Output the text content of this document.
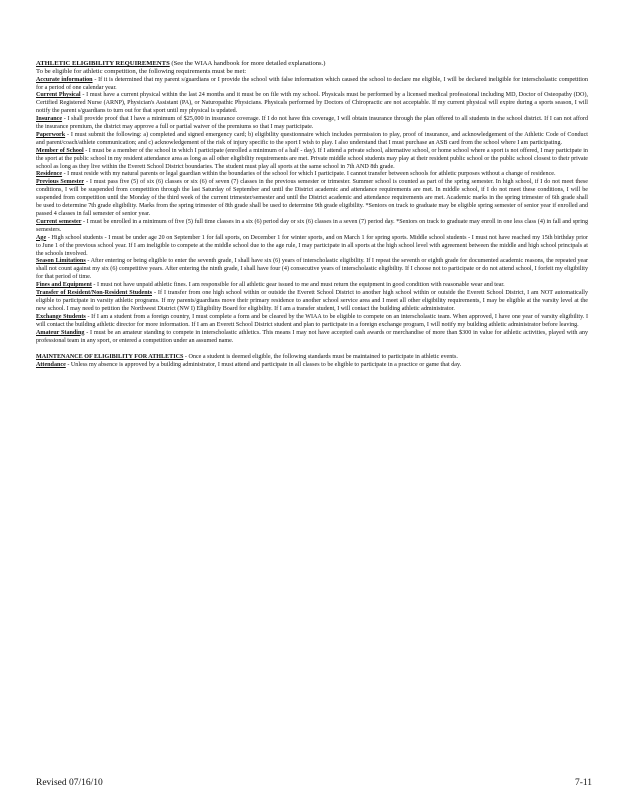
ATHLETIC ELIGIBILITY REQUIREMENTS (See the WIAA handbook for more detailed explanations.)
To be eligible for athletic competition, the following requirements must be met:

Accurate information - If it is determined that my parent s/guardians or I provide the school with false information which caused the school to declare me eligible, I will be declared ineligible for interscholastic competition for a period of one calendar year.

Current Physical - I must have a current physical within the last 24 months and it must be on file with my school. Physicals must be performed by a licensed medical professional including MD, Doctor of Osteopathy (DO), Certified Registered Nurse (ARNP), Physician's Assistant (PA), or Naturopathic Physicians. Physicals performed by Doctors of Chiropractic are not acceptable. If my current physical will expire during a sports season, I will notify the parent s/guardians to turn out for that sport until my physical is updated.

Insurance - I shall provide proof that I have a minimum of $25,000 in insurance coverage. If I do not have this coverage, I will obtain insurance through the plan offered to all students in the school district. If I can not afford the insurance premium, the district may approve a full or partial waiver of the premiums so that I may participate.

Paperwork - I must submit the following: a) completed and signed emergency card; b) eligibility questionnaire which includes permission to play, proof of insurance, and acknowledgement of the Athletic Code of Conduct and parent/coach/athlete communication; and c) acknowledgement of the risk of injury specific to the sport I wish to play. I also understand that I must purchase an ASB card from the school where I am participating.

Member of School - I must be a member of the school in which I participate (enrolled a minimum of a half - day). If I attend a private school, alternative school, or home school where a sport is not offered, I may participate in the sport at the public school in my resident attendance area as long as all other eligibility requirements are met. Private middle school students may play at their resident public school or the public school closest to their private school as long as they live within the Everett School District boundaries. The student must play all sports at the same school in 7th AND 8th grade.

Residence - I must reside with my natural parents or legal guardian within the boundaries of the school for which I participate. I cannot transfer between schools for athletic purposes without a change of residence.

Previous Semester - I must pass five (5) of six (6) classes or six (6) of seven (7) classes in the previous semester or trimester. Summer school is counted as part of the spring semester. In high school, if I do not meet these conditions, I will be suspended from competition through the last Saturday of September and until the District academic and attendance requirements are met. In middle school, if I do not meet these conditions, I will be suspended from competition until the Monday of the third week of the current trimester/semester and until the District academic and attendance requirements are met. Academic marks in the spring trimester of 6th grade shall be used to determine 7th grade eligibility. Marks from the spring trimester of 8th grade shall be used to determine 9th grade eligibility. *Seniors on track to graduate may be eligible spring semester of senior year if enrolled and passed 4 classes in fall semester of senior year.

Current semester - I must be enrolled in a minimum of five (5) full time classes in a six (6) period day or six (6) classes in a seven (7) period day. *Seniors on track to graduate may enroll in one less class (4) in fall and spring semesters.

Age - High school students - I must be under age 20 on September 1 for fall sports, on December 1 for winter sports, and on March 1 for spring sports. Middle school students - I must not have reached my 15th birthday prior to June 1 of the previous school year. If I am ineligible to compete at the middle school due to the age rule, I may participate in all sports at the high school level with agreement between the middle and high school principals at the schools involved.

Season Limitations - After entering or being eligible to enter the seventh grade, I shall have six (6) years of interscholastic eligibility. If I repeat the seventh or eighth grade for documented academic reasons, the repeated year shall not count against my six (6) competitive years. After entering the ninth grade, I shall have four (4) consecutive years of interscholastic eligibility. If I choose not to participate or do not attend school, I forfeit my eligibility for that period of time.

Fines and Equipment - I must not have unpaid athletic fines. I am responsible for all athletic gear issued to me and must return the equipment in good condition with reasonable wear and tear.

Transfer of Resident/Non-Resident Students - If I transfer from one high school within or outside the Everett School District to another high school within or outside the Everett School District, I am NOT automatically eligible to participate in varsity athletic programs. If my parents/guardians move their primary residence to another school service area and I meet all other eligibility requirements, I may be eligible at the varsity level at the new school. I may need to petition the Northwest District (NW I) Eligibility Board for eligibility. If I am a transfer student, I will contact the building athletic administrator.

Exchange Students - If I am a student from a foreign country, I must complete a form and be cleared by the WIAA to be eligible to compete on an interscholastic team. When approved, I have one year of varsity eligibility. I will contact the building athletic director for more information. If I am an Everett School District student and plan to participate in a foreign exchange program, I will notify my building athletic administrator before leaving.

Amateur Standing - I must be an amateur standing to compete in interscholastic athletics. This means I may not have accepted cash awards or merchandise of more than $300 in value for athletic activities, played with any professional team in any sport, or entered a competition under an assumed name.

MAINTENANCE OF ELIGIBILITY FOR ATHLETICS - Once a student is deemed eligible, the following standards must be maintained to participate in athletic events.

Attendance - Unless my absence is approved by a building administrator, I must attend and participate in all classes to be eligible to participate in a practice or game that day.

Revised 07/16/10	7-11
